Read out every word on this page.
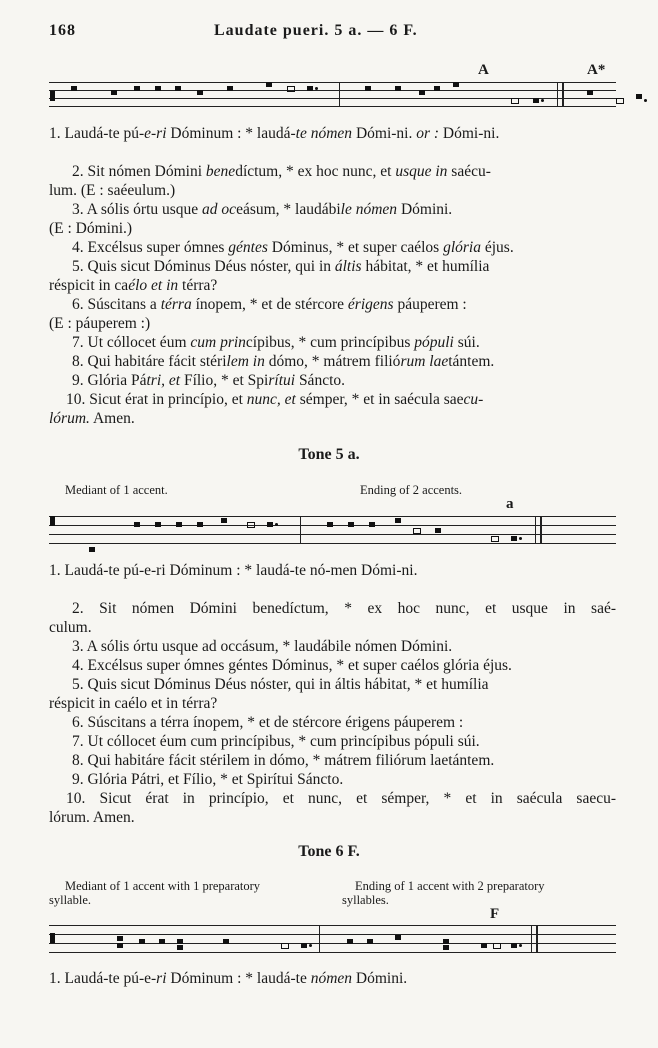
168	Laudate pueri. 5 a. — 6 F.
A	A*
1. Laudá-te pú-e-ri Dóminum : * laudá-te nómen Dómi-ni. or : Dómi-ni.
2. Sit nómen Dómini benedíctum, * ex hoc nunc, et usque in saécu-
lum. (E : saéeulum.)
3. A sólis órtu usque ad oceásum, * laudábile nómen Dómini.
(E : Dómini.)
4. Excélsus super ómnes géntes Dóminus, * et super caélos glória éjus.
5. Quis sicut Dóminus Déus nóster, qui in áltis hábitat, * et humília
réspicit in caélo et in térra?
6. Súscitans a térra ínopem, * et de stércore érigens páuperem :
(E : páuperem :)
7. Ut cóllocet éum cum princípibus, * cum princípibus pópuli súi.
8. Qui habitáre fácit stérilem in dómo, * mátrem filiórum laetántem.
9. Glória Pátri, et Fílio, * et Spirítui Sáncto.
10. Sicut érat in princípio, et nunc, et sémper, * et in saécula saecu-
lórum. Amen.
Tone 5 a.
Mediant of 1 accent.	Ending of 2 accents.
a
1. Laudá-te pú-e-ri Dóminum : * laudá-te nó-men Dómi-ni.
2. Sit nómen Dómini benedíctum, * ex hoc nunc, et usque in saé-
culum.
3. A sólis órtu usque ad occásum, * laudábile nómen Dómini.
4. Excélsus super ómnes géntes Dóminus, * et super caélos glória éjus.
5. Quis sicut Dóminus Déus nóster, qui in áltis hábitat, * et humília
réspicit in caélo et in térra?
6. Súscitans a térra ínopem, * et de stércore érigens páuperem :
7. Ut cóllocet éum cum princípibus, * cum princípibus pópuli súi.
8. Qui habitáre fácit stérilem in dómo, * mátrem filiórum laetántem.
9. Glória Pátri, et Fílio, * et Spirítui Sáncto.
10. Sicut érat in princípio, et nunc, et sémper, * et in saécula saecu-
lórum. Amen.
Tone 6 F.
Mediant of 1 accent with 1 preparatory
syllable.
Ending of 1 accent with 2 preparatory
syllables.
F
1. Laudá-te pú-e-ri Dóminum : * laudá-te nómen Dómini.
